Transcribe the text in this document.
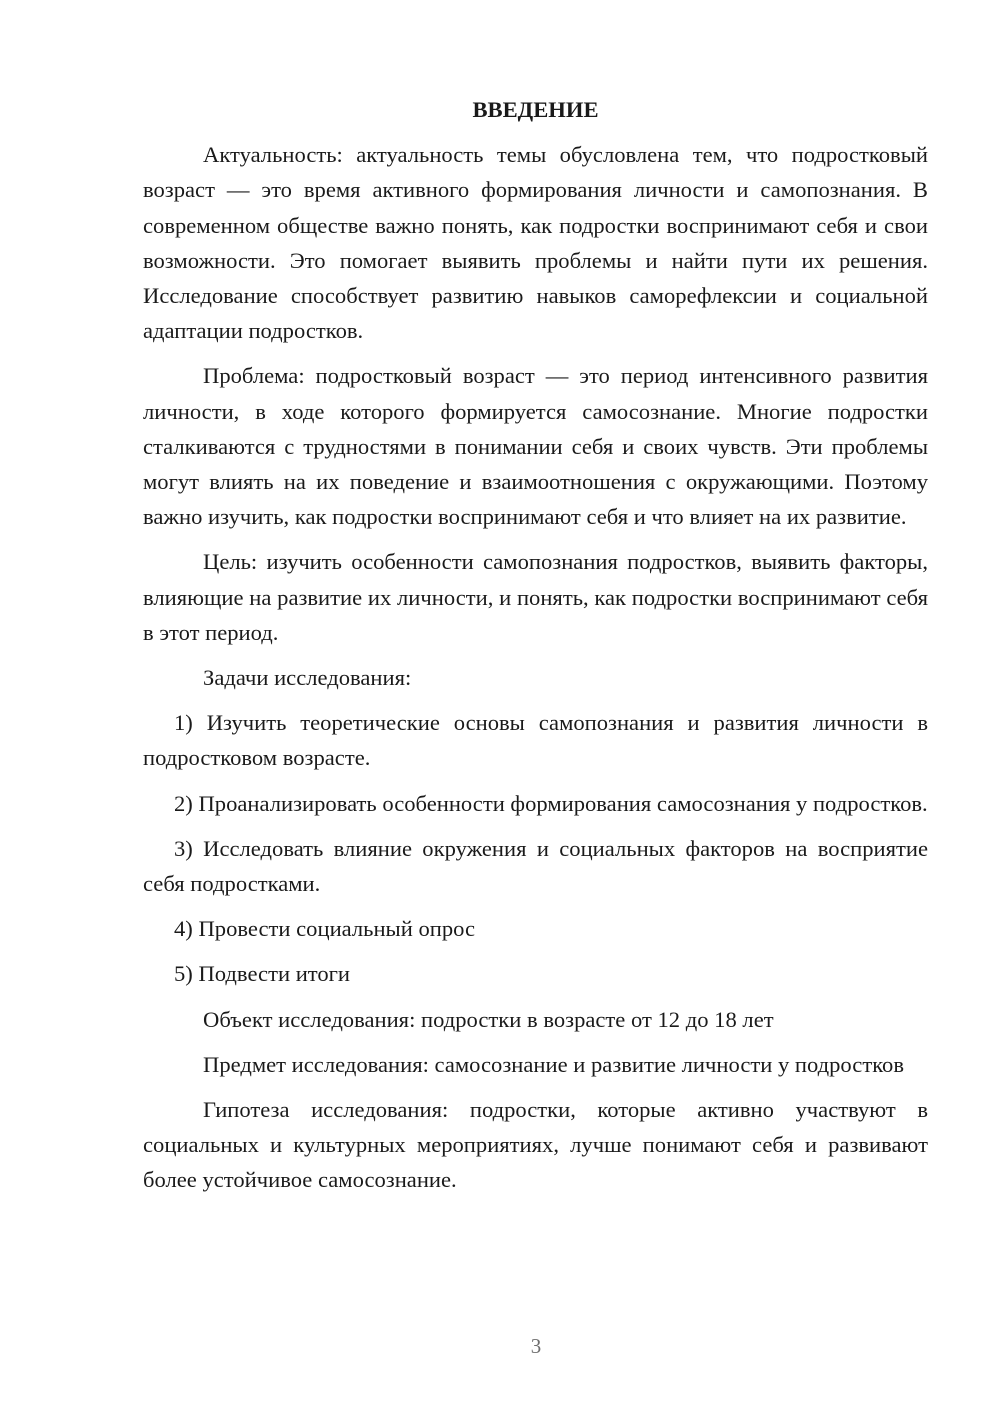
ВВЕДЕНИЕ

Актуальность: актуальность темы обусловлена тем, что подростковый возраст — это время активного формирования личности и самопознания. В современном обществе важно понять, как подростки воспринимают себя и свои возможности. Это помогает выявить проблемы и найти пути их решения. Исследование способствует развитию навыков саморефлексии и социальной адаптации подростков.

Проблема: подростковый возраст — это период интенсивного развития личности, в ходе которого формируется самосознание. Многие подростки сталкиваются с трудностями в понимании себя и своих чувств. Эти проблемы могут влиять на их поведение и взаимоотношения с окружающими. Поэтому важно изучить, как подростки воспринимают себя и что влияет на их развитие.

Цель: изучить особенности самопознания подростков, выявить факторы, влияющие на развитие их личности, и понять, как подростки воспринимают себя в этот период.

Задачи исследования:

1) Изучить теоретические основы самопознания и развития личности в подростковом возрасте.

2) Проанализировать особенности формирования самосознания у подростков.

3) Исследовать влияние окружения и социальных факторов на восприятие себя подростками.

4) Провести социальный опрос

5) Подвести итоги

Объект исследования: подростки в возрасте от 12 до 18 лет

Предмет исследования: самосознание и развитие личности у подростков

Гипотеза исследования: подростки, которые активно участвуют в социальных и культурных мероприятиях, лучше понимают себя и развивают более устойчивое самосознание.

3
